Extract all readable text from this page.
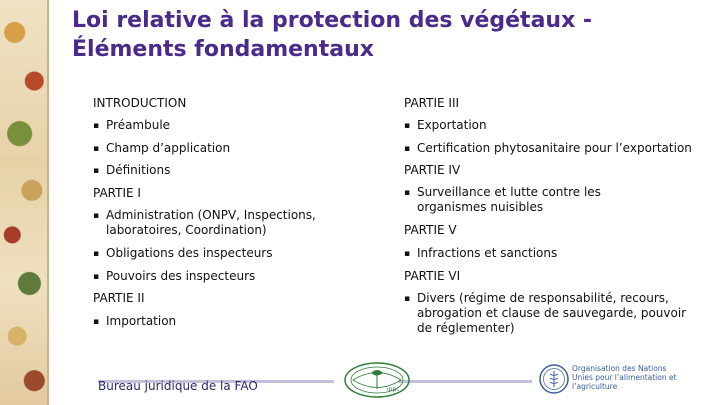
Loi relative à la protection des végétaux -
Éléments fondamentaux
INTRODUCTION
▪ Préambule
▪ Champ d’application
▪ Définitions
PARTIE I
▪ Administration (ONPV, Inspections, laboratoires, Coordination)
▪ Obligations des inspecteurs
▪ Pouvoirs des inspecteurs
PARTIE II
▪ Importation
PARTIE III
▪ Exportation
▪ Certification phytosanitaire pour l’exportation
PARTIE IV
▪ Surveillance et lutte contre les organismes nuisibles
PARTIE V
▪ Infractions et sanctions
PARTIE VI
▪ Divers (régime de responsabilité, recours, abrogation et clause de sauvegarde, pouvoir de réglementer)
Bureau juridique de la FAO	ippc
Organisation des Nations Unies pour l’alimentation et l’agriculture
